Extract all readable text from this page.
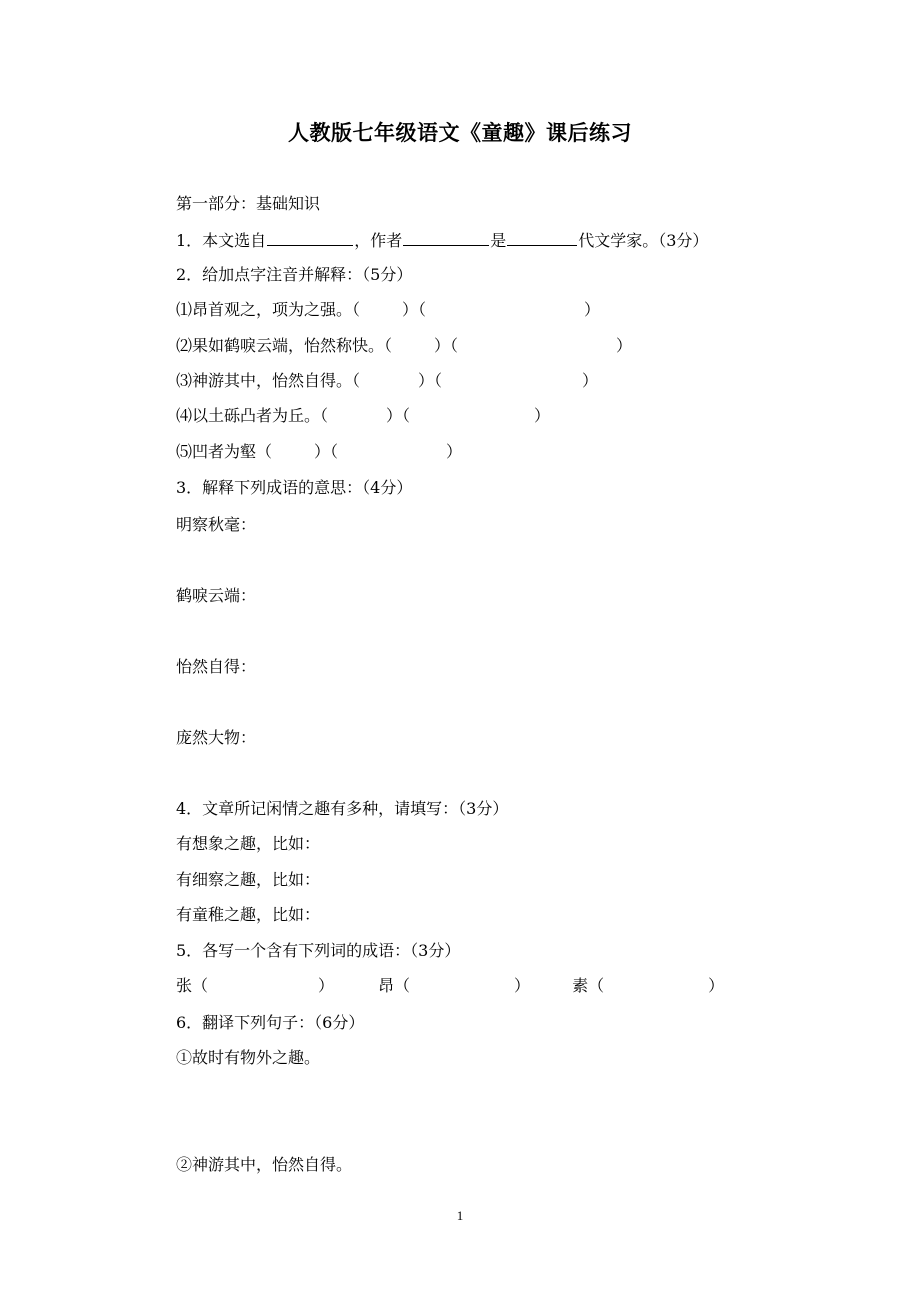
人教版七年级语文《童趣》课后练习
第一部分：基础知识
1．本文选自	，作者	是	代文学家。（3分）
2．给加点字注音并解释：（5分）
⑴昂首观之，项为之强。（	）（	）
⑵果如鹤唳云端，怡然称快。（	）（	）
⑶神游其中，怡然自得。（	）（	）
⑷以土砾凸者为丘。（	）（	）
⑸凹者为壑（	）（	）
3．解释下列成语的意思：（4分）
明察秋毫：
鹤唳云端：
怡然自得：
庞然大物：
4．文章所记闲情之趣有多种，请填写：（3分）
有想象之趣，比如：
有细察之趣，比如：
有童稚之趣，比如：
5．各写一个含有下列词的成语：（3分）
张（	）	昂（	）	素（	）
6．翻译下列句子：（6分）
①故时有物外之趣。
②神游其中，怡然自得。
1
